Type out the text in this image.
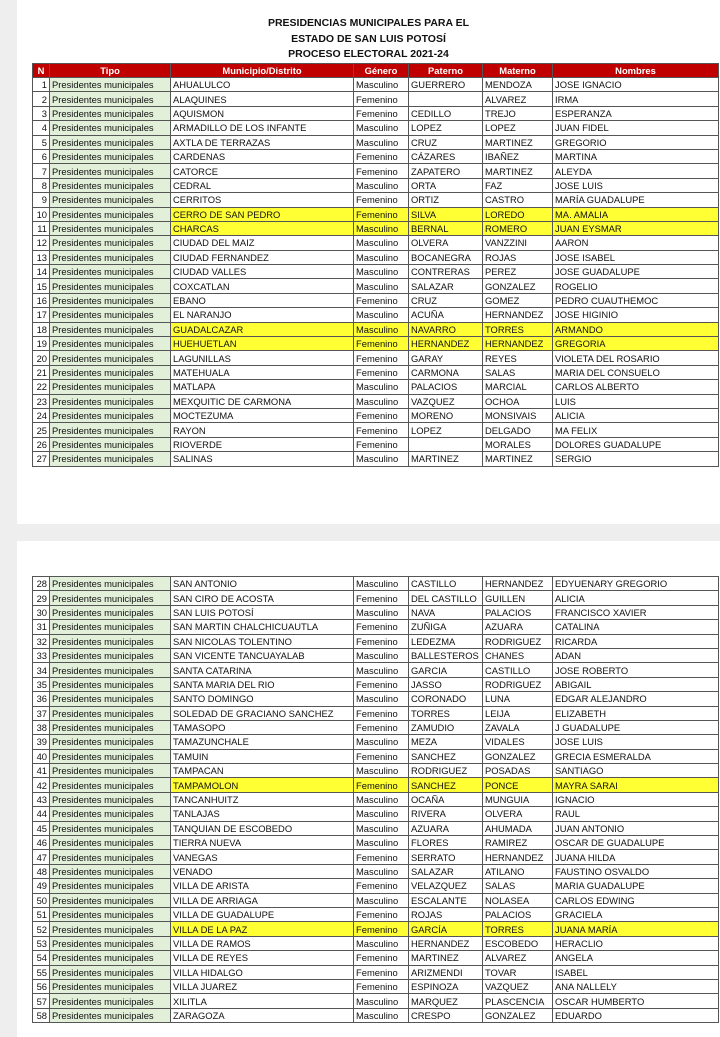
PRESIDENCIAS MUNICIPALES PARA EL
ESTADO DE SAN LUIS POTOSÍ
PROCESO ELECTORAL 2021-24
N	Tipo	Municipio/Distrito	Género	Paterno	Materno	Nombres
1	Presidentes municipales	AHUALULCO	Masculino	GUERRERO	MENDOZA	JOSE IGNACIO
2	Presidentes municipales	ALAQUINES	Femenino		ALVAREZ	IRMA
3	Presidentes municipales	AQUISMON	Femenino	CEDILLO	TREJO	ESPERANZA
4	Presidentes municipales	ARMADILLO DE LOS INFANTE	Masculino	LOPEZ	LOPEZ	JUAN FIDEL
5	Presidentes municipales	AXTLA DE TERRAZAS	Masculino	CRUZ	MARTINEZ	GREGORIO
6	Presidentes municipales	CARDENAS	Femenino	CÁZARES	IBAÑEZ	MARTINA
7	Presidentes municipales	CATORCE	Femenino	ZAPATERO	MARTINEZ	ALEYDA
8	Presidentes municipales	CEDRAL	Masculino	ORTA	FAZ	JOSE LUIS
9	Presidentes municipales	CERRITOS	Femenino	ORTIZ	CASTRO	MARÍA GUADALUPE
10	Presidentes municipales	CERRO DE SAN PEDRO	Femenino	SILVA	LOREDO	MA. AMALIA
11	Presidentes municipales	CHARCAS	Masculino	BERNAL	ROMERO	JUAN EYSMAR
12	Presidentes municipales	CIUDAD DEL MAIZ	Masculino	OLVERA	VANZZINI	AARON
13	Presidentes municipales	CIUDAD FERNANDEZ	Masculino	BOCANEGRA	ROJAS	JOSE ISABEL
14	Presidentes municipales	CIUDAD VALLES	Masculino	CONTRERAS	PEREZ	JOSE GUADALUPE
15	Presidentes municipales	COXCATLAN	Masculino	SALAZAR	GONZALEZ	ROGELIO
16	Presidentes municipales	EBANO	Femenino	CRUZ	GOMEZ	PEDRO CUAUTHEMOC
17	Presidentes municipales	EL NARANJO	Masculino	ACUÑA	HERNANDEZ	JOSE HIGINIO
18	Presidentes municipales	GUADALCAZAR	Masculino	NAVARRO	TORRES	ARMANDO
19	Presidentes municipales	HUEHUETLAN	Femenino	HERNANDEZ	HERNANDEZ	GREGORIA
20	Presidentes municipales	LAGUNILLAS	Femenino	GARAY	REYES	VIOLETA DEL ROSARIO
21	Presidentes municipales	MATEHUALA	Femenino	CARMONA	SALAS	MARIA DEL CONSUELO
22	Presidentes municipales	MATLAPA	Masculino	PALACIOS	MARCIAL	CARLOS ALBERTO
23	Presidentes municipales	MEXQUITIC DE CARMONA	Masculino	VAZQUEZ	OCHOA	LUIS
24	Presidentes municipales	MOCTEZUMA	Femenino	MORENO	MONSIVAIS	ALICIA
25	Presidentes municipales	RAYON	Femenino	LOPEZ	DELGADO	MA FELIX
26	Presidentes municipales	RIOVERDE	Femenino		MORALES	DOLORES GUADALUPE
27	Presidentes municipales	SALINAS	Masculino	MARTINEZ	MARTINEZ	SERGIO
28	Presidentes municipales	SAN ANTONIO	Masculino	CASTILLO	HERNANDEZ	EDYUENARY GREGORIO
29	Presidentes municipales	SAN CIRO DE ACOSTA	Femenino	DEL CASTILLO	GUILLEN	ALICIA
30	Presidentes municipales	SAN LUIS POTOSÍ	Masculino	NAVA	PALACIOS	FRANCISCO XAVIER
31	Presidentes municipales	SAN MARTIN CHALCHICUAUTLA	Femenino	ZUÑIGA	AZUARA	CATALINA
32	Presidentes municipales	SAN NICOLAS TOLENTINO	Femenino	LEDEZMA	RODRIGUEZ	RICARDA
33	Presidentes municipales	SAN VICENTE TANCUAYALAB	Masculino	BALLESTEROS	CHANES	ADAN
34	Presidentes municipales	SANTA CATARINA	Masculino	GARCIA	CASTILLO	JOSE ROBERTO
35	Presidentes municipales	SANTA MARIA DEL RIO	Femenino	JASSO	RODRIGUEZ	ABIGAIL
36	Presidentes municipales	SANTO DOMINGO	Masculino	CORONADO	LUNA	EDGAR ALEJANDRO
37	Presidentes municipales	SOLEDAD DE GRACIANO SANCHEZ	Femenino	TORRES	LEIJA	ELIZABETH
38	Presidentes municipales	TAMASOPO	Femenino	ZAMUDIO	ZAVALA	J GUADALUPE
39	Presidentes municipales	TAMAZUNCHALE	Masculino	MEZA	VIDALES	JOSE LUIS
40	Presidentes municipales	TAMUIN	Femenino	SANCHEZ	GONZALEZ	GRECIA ESMERALDA
41	Presidentes municipales	TAMPACAN	Masculino	RODRIGUEZ	POSADAS	SANTIAGO
42	Presidentes municipales	TAMPAMOLON	Femenino	SANCHEZ	PONCE	MAYRA SARAI
43	Presidentes municipales	TANCANHUITZ	Masculino	OCAÑA	MUNGUIA	IGNACIO
44	Presidentes municipales	TANLAJAS	Masculino	RIVERA	OLVERA	RAUL
45	Presidentes municipales	TANQUIAN DE ESCOBEDO	Masculino	AZUARA	AHUMADA	JUAN ANTONIO
46	Presidentes municipales	TIERRA NUEVA	Masculino	FLORES	RAMIREZ	OSCAR DE GUADALUPE
47	Presidentes municipales	VANEGAS	Femenino	SERRATO	HERNANDEZ	JUANA HILDA
48	Presidentes municipales	VENADO	Masculino	SALAZAR	ATILANO	FAUSTINO OSVALDO
49	Presidentes municipales	VILLA DE ARISTA	Femenino	VELAZQUEZ	SALAS	MARIA GUADALUPE
50	Presidentes municipales	VILLA DE ARRIAGA	Masculino	ESCALANTE	NOLASEA	CARLOS EDWING
51	Presidentes municipales	VILLA DE GUADALUPE	Femenino	ROJAS	PALACIOS	GRACIELA
52	Presidentes municipales	VILLA DE LA PAZ	Femenino	GARCÍA	TORRES	JUANA MARÍA
53	Presidentes municipales	VILLA DE RAMOS	Masculino	HERNANDEZ	ESCOBEDO	HERACLIO
54	Presidentes municipales	VILLA DE REYES	Femenino	MARTINEZ	ALVAREZ	ANGELA
55	Presidentes municipales	VILLA HIDALGO	Femenino	ARIZMENDI	TOVAR	ISABEL
56	Presidentes municipales	VILLA JUAREZ	Femenino	ESPINOZA	VAZQUEZ	ANA NALLELY
57	Presidentes municipales	XILITLA	Masculino	MARQUEZ	PLASCENCIA	OSCAR HUMBERTO
58	Presidentes municipales	ZARAGOZA	Masculino	CRESPO	GONZALEZ	EDUARDO
